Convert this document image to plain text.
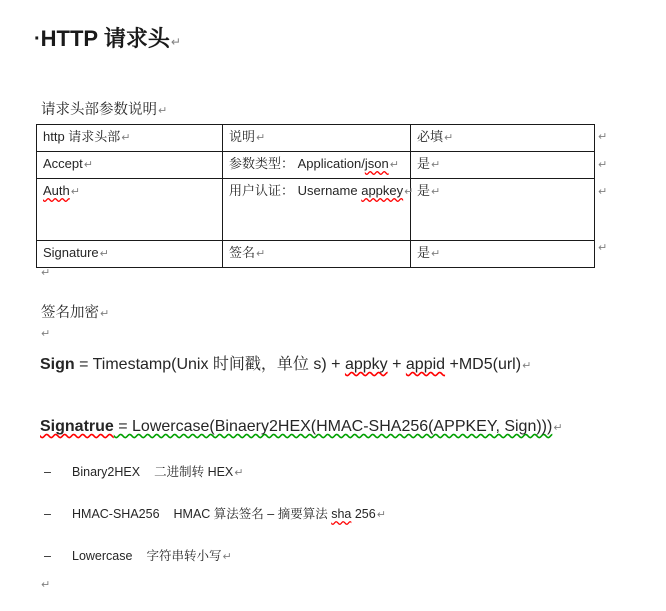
·HTTP 请求头↵
请求头部参数说明↵
http 请求头部↵	说明↵	必填↵
Accept↵	参数类型： Application/json↵	是↵
Auth↵	用户认证： Username appkey↵	是↵
Signature↵	签名↵	是↵
↵
↵
↵
↵
↵
签名加密↵
↵
Sign = Timestamp(Unix 时间戳，单位 s) + appky + appid +MD5(url)↵
Signatrue = Lowercase(Binaery2HEX(HMAC-SHA256(APPKEY, Sign)))↵
– Binary2HEX 二进制转 HEX↵
– HMAC-SHA256 HMAC 算法签名 – 摘要算法 sha 256↵
– Lowercase 字符串转小写↵
↵
